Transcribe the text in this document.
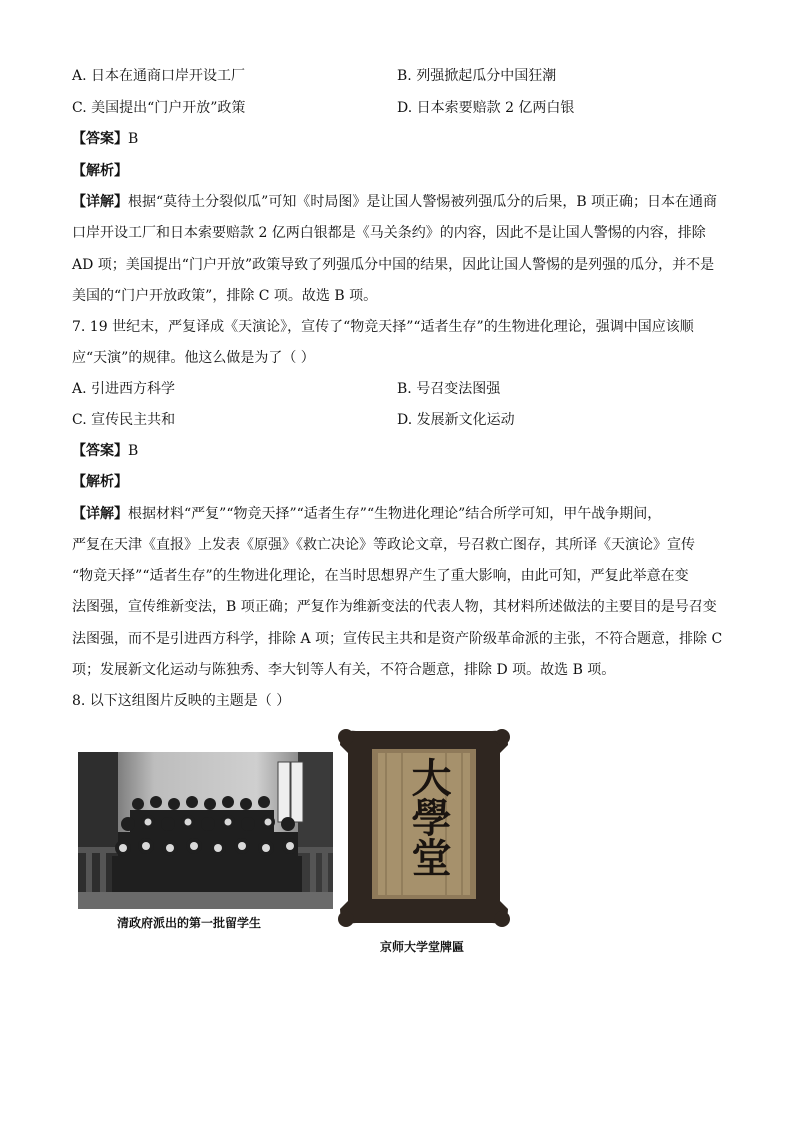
A. 日本在通商口岸开设工厂	B. 列强掀起瓜分中国狂潮
C. 美国提出“门户开放”政策	D. 日本索要赔款 2 亿两白银
【答案】B
【解析】
【详解】根据“莫待土分裂似瓜”可知《时局图》是让国人警惕被列强瓜分的后果，B 项正确；日本在通商
口岸开设工厂和日本索要赔款 2 亿两白银都是《马关条约》的内容，因此不是让国人警惕的内容，排除
AD 项；美国提出“门户开放”政策导致了列强瓜分中国的结果，因此让国人警惕的是列强的瓜分，并不是
美国的“门户开放政策”，排除 C 项。故选 B 项。
7. 19 世纪末，严复译成《天演论》，宣传了“物竞天择”“适者生存”的生物进化理论，强调中国应该顺
应“天演”的规律。他这么做是为了（ ）
A. 引进西方科学	B. 号召变法图强
C. 宣传民主共和	D. 发展新文化运动
【答案】B
【解析】
【详解】根据材料“严复”“物竞天择”“适者生存”“生物进化理论”结合所学可知，甲午战争期间，
严复在天津《直报》上发表《原强》《救亡决论》等政论文章，号召救亡图存，其所译《天演论》宣传
“物竞天择”“适者生存”的生物进化理论，在当时思想界产生了重大影响，由此可知，严复此举意在变
法图强，宣传维新变法，B 项正确；严复作为维新变法的代表人物，其材料所述做法的主要目的是号召变
法图强，而不是引进西方科学，排除 A 项；宣传民主共和是资产阶级革命派的主张，不符合题意，排除 C
项；发展新文化运动与陈独秀、李大钊等人有关，不符合题意，排除 D 项。故选 B 项。
8. 以下这组图片反映的主题是（ ）
清政府派出的第一批留学生
大學堂
京师大学堂牌匾
